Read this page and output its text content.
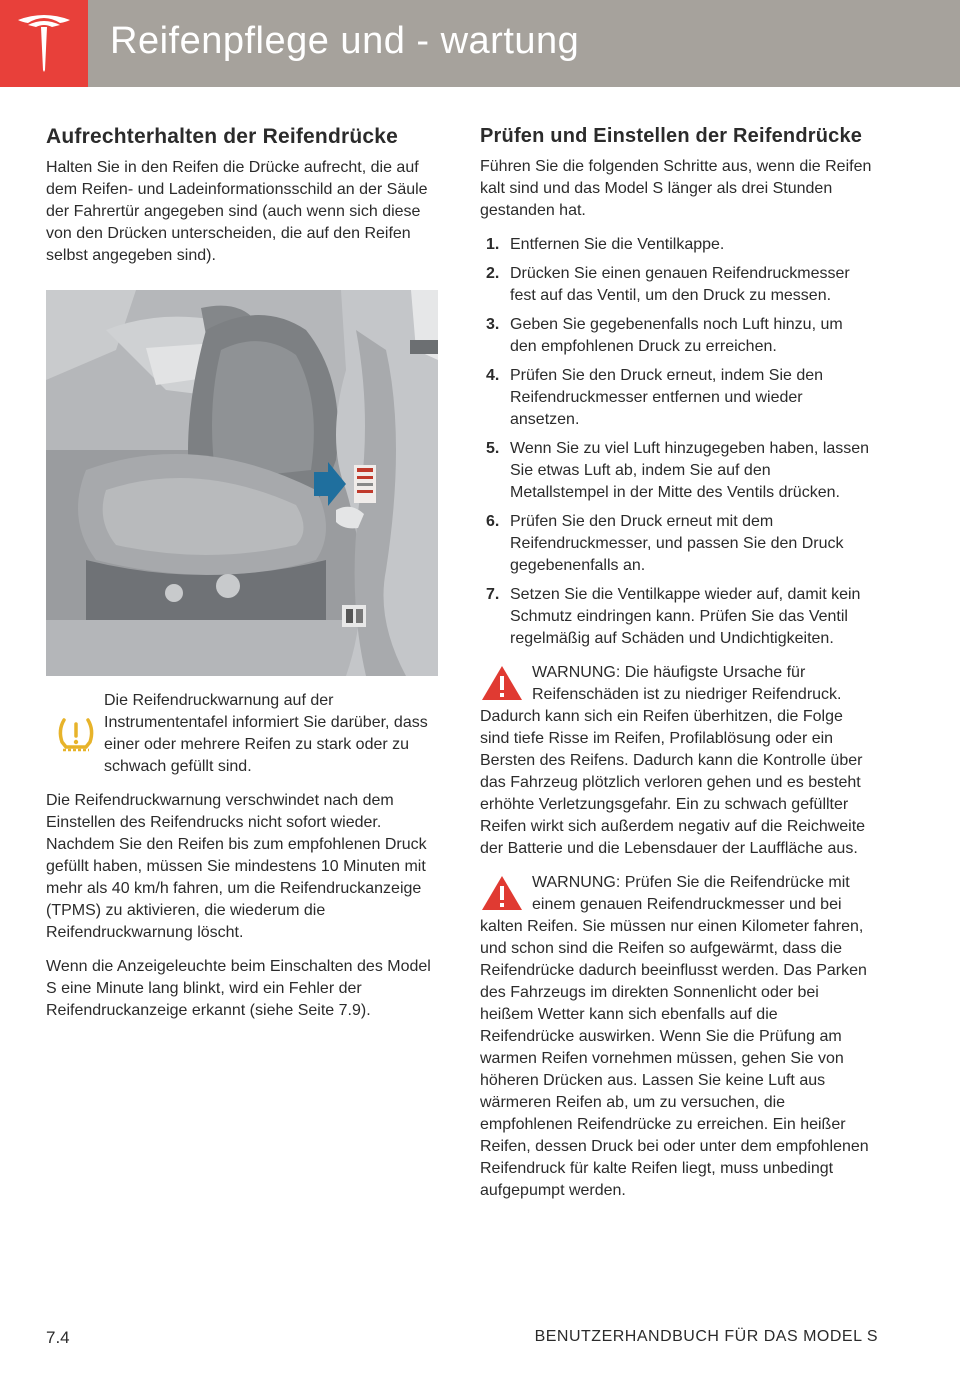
Reifenpflege und - wartung
Aufrechterhalten der Reifendrücke

Halten Sie in den Reifen die Drücke aufrecht, die auf dem Reifen- und Ladeinformationsschild an der Säule der Fahrertür angegeben sind (auch wenn sich diese von den Drücken unterscheiden, die auf den Reifen selbst angegeben sind).

Die Reifendruckwarnung auf der Instrumententafel informiert Sie darüber, dass einer oder mehrere Reifen zu stark oder zu schwach gefüllt sind.

Die Reifendruckwarnung verschwindet nach dem Einstellen des Reifendrucks nicht sofort wieder. Nachdem Sie den Reifen bis zum empfohlenen Druck gefüllt haben, müssen Sie mindestens 10 Minuten mit mehr als 40 km/h fahren, um die Reifendruckanzeige (TPMS) zu aktivieren, die wiederum die Reifendruckwarnung löscht.

Wenn die Anzeigeleuchte beim Einschalten des Model S eine Minute lang blinkt, wird ein Fehler der Reifendruckanzeige erkannt (siehe Seite 7.9).

Prüfen und Einstellen der Reifendrücke

Führen Sie die folgenden Schritte aus, wenn die Reifen kalt sind und das Model S länger als drei Stunden gestanden hat.

1. Entfernen Sie die Ventilkappe.
2. Drücken Sie einen genauen Reifendruckmesser fest auf das Ventil, um den Druck zu messen.
3. Geben Sie gegebenenfalls noch Luft hinzu, um den empfohlenen Druck zu erreichen.
4. Prüfen Sie den Druck erneut, indem Sie den Reifendruckmesser entfernen und wieder ansetzen.
5. Wenn Sie zu viel Luft hinzugegeben haben, lassen Sie etwas Luft ab, indem Sie auf den Metallstempel in der Mitte des Ventils drücken.
6. Prüfen Sie den Druck erneut mit dem Reifendruckmesser, und passen Sie den Druck gegebenenfalls an.
7. Setzen Sie die Ventilkappe wieder auf, damit kein Schmutz eindringen kann. Prüfen Sie das Ventil regelmäßig auf Schäden und Undichtigkeiten.
WARNUNG: Die häufigste Ursache für Reifenschäden ist zu niedriger Reifendruck. Dadurch kann sich ein Reifen überhitzen, die Folge sind tiefe Risse im Reifen, Profilablösung oder ein Bersten des Reifens. Dadurch kann die Kontrolle über das Fahrzeug plötzlich verloren gehen und es besteht erhöhte Verletzungsgefahr. Ein zu schwach gefüllter Reifen wirkt sich außerdem negativ auf die Reichweite der Batterie und die Lebensdauer der Lauffläche aus.
WARNUNG: Prüfen Sie die Reifendrücke mit einem genauen Reifendruckmesser und bei kalten Reifen. Sie müssen nur einen Kilometer fahren, und schon sind die Reifen so aufgewärmt, dass die Reifendrücke dadurch beeinflusst werden. Das Parken des Fahrzeugs im direkten Sonnenlicht oder bei heißem Wetter kann sich ebenfalls auf die Reifendrücke auswirken. Wenn Sie die Prüfung am warmen Reifen vornehmen müssen, gehen Sie von höheren Drücken aus. Lassen Sie keine Luft aus wärmeren Reifen ab, um zu versuchen, die empfohlenen Reifendrücke zu erreichen. Ein heißer Reifen, dessen Druck bei oder unter dem empfohlenen Reifendruck für kalte Reifen liegt, muss unbedingt aufgepumpt werden.
7.4	BENUTZERHANDBUCH FÜR DAS MODEL S
